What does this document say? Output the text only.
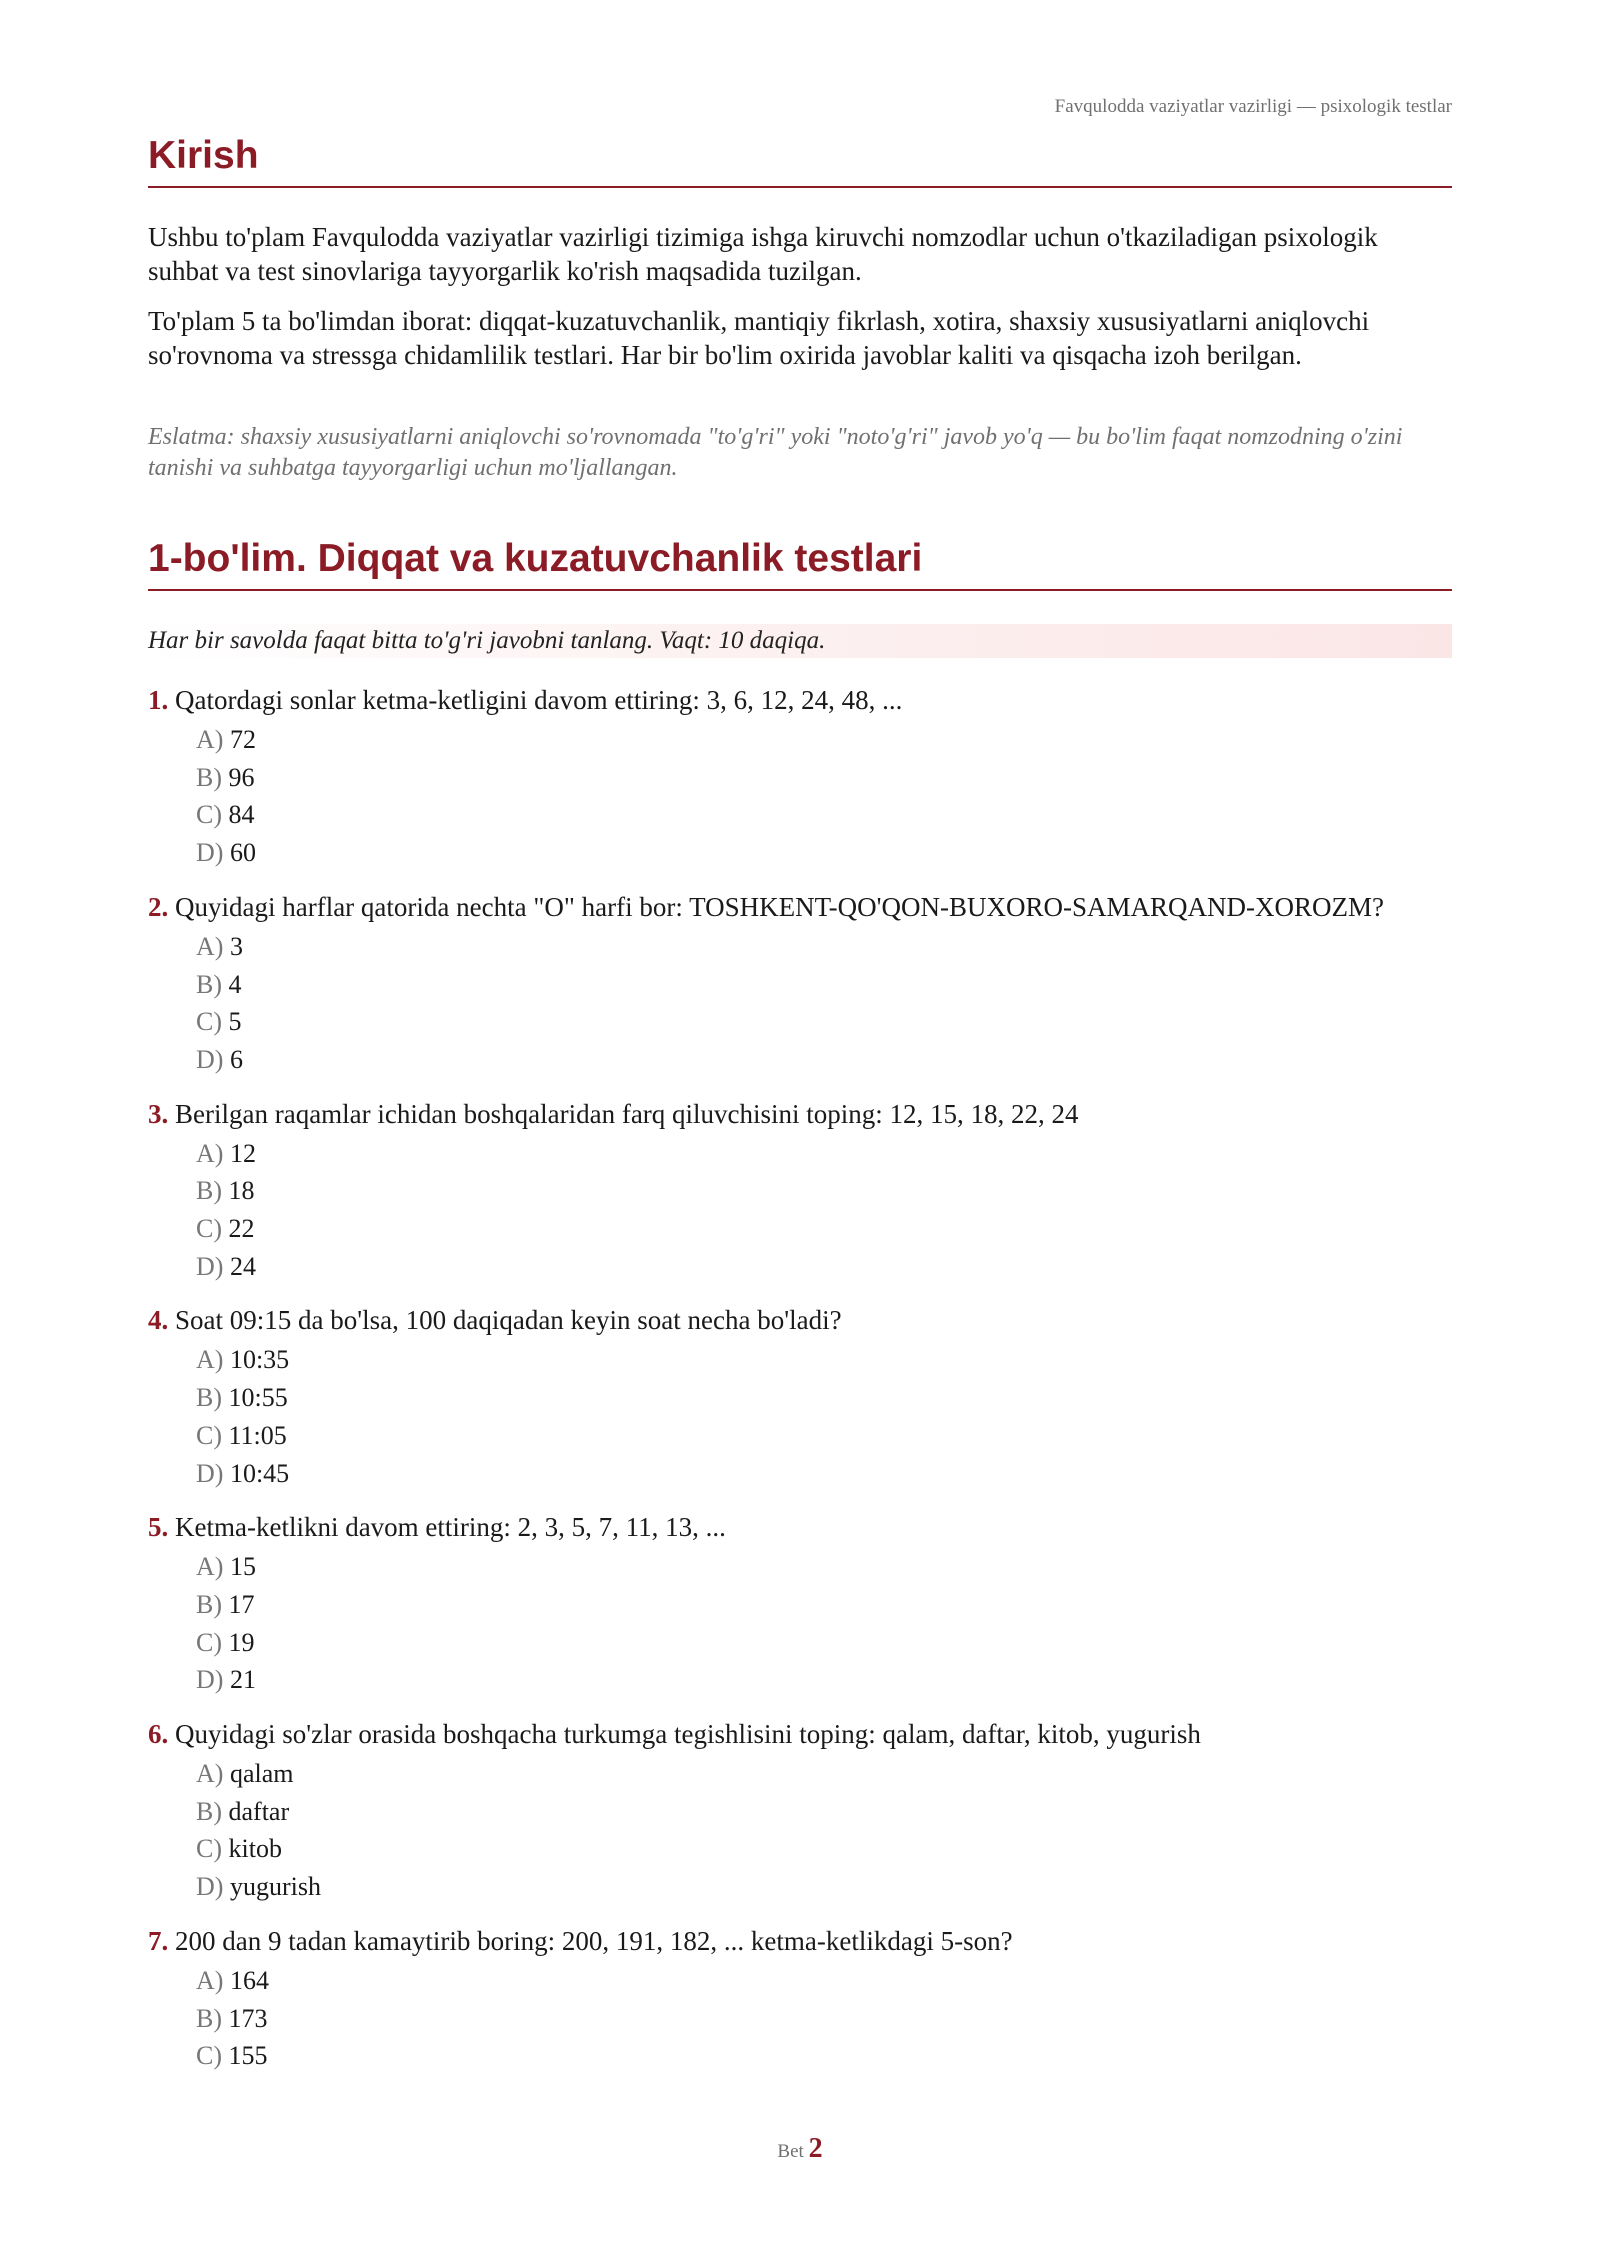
Favqulodda vaziyatlar vazirligi — psixologik testlar
Kirish

Ushbu to'plam Favqulodda vaziyatlar vazirligi tizimiga ishga kiruvchi nomzodlar uchun o'tkaziladigan psixologik suhbat va test sinovlariga tayyorgarlik ko'rish maqsadida tuzilgan.

To'plam 5 ta bo'limdan iborat: diqqat-kuzatuvchanlik, mantiqiy fikrlash, xotira, shaxsiy xususiyatlarni aniqlovchi so'rovnoma va stressga chidamlilik testlari. Har bir bo'lim oxirida javoblar kaliti va qisqacha izoh berilgan.

Eslatma: shaxsiy xususiyatlarni aniqlovchi so'rovnomada "to'g'ri" yoki "noto'g'ri" javob yo'q — bu bo'lim faqat nomzodning o'zini tanishi va suhbatga tayyorgarligi uchun mo'ljallangan.

1-bo'lim. Diqqat va kuzatuvchanlik testlari
Har bir savolda faqat bitta to'g'ri javobni tanlang. Vaqt: 10 daqiqa.

1. Qatordagi sonlar ketma-ketligini davom ettiring: 3, 6, 12, 24, 48, ...

A) 72
B) 96
C) 84
D) 60

2. Quyidagi harflar qatorida nechta "O" harfi bor: TOSHKENT-QO'QON-BUXORO-SAMARQAND-XOROZM?

A) 3
B) 4
C) 5
D) 6

3. Berilgan raqamlar ichidan boshqalaridan farq qiluvchisini toping: 12, 15, 18, 22, 24

A) 12
B) 18
C) 22
D) 24

4. Soat 09:15 da bo'lsa, 100 daqiqadan keyin soat necha bo'ladi?

A) 10:35
B) 10:55
C) 11:05
D) 10:45

5. Ketma-ketlikni davom ettiring: 2, 3, 5, 7, 11, 13, ...

A) 15
B) 17
C) 19
D) 21

6. Quyidagi so'zlar orasida boshqacha turkumga tegishlisini toping: qalam, daftar, kitob, yugurish

A) qalam
B) daftar
C) kitob
D) yugurish

7. 200 dan 9 tadan kamaytirib boring: 200, 191, 182, ... ketma-ketlikdagi 5-son?

A) 164
B) 173
C) 155
Bet 2
